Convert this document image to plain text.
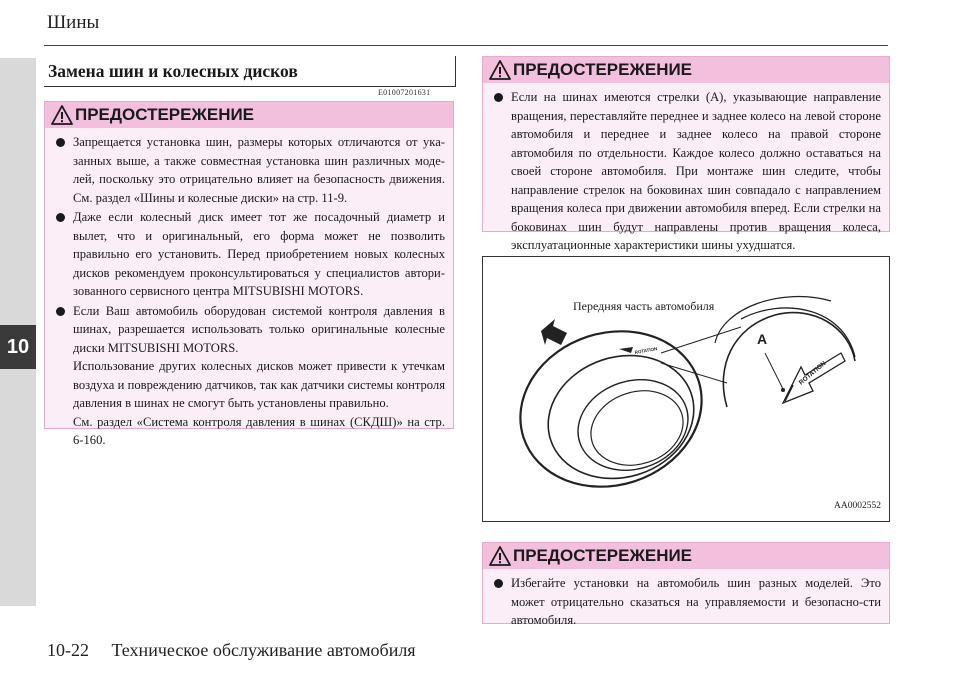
10
Шины
Замена шин и колесных дисков
E01007201631
ПРЕДОСТЕРЕЖЕНИЕ

Запрещается установка шин, размеры которых отличаются от ука-занных выше, а также совместная установка шин различных моде-лей, поскольку это отрицательно влияет на безопасность движения. См. раздел «Шины и колесные диски» на стр. 11-9.

Даже если колесный диск имеет тот же посадочный диаметр и вылет, что и оригинальный, его форма может не позволить правильно его установить. Перед приобретением новых колесных дисков рекомендуем проконсультироваться у специалистов автори-зованного сервисного центра MITSUBISHI MOTORS.

Если Ваш автомобиль оборудован системой контроля давления в шинах, разрешается использовать только оригинальные колесные диски MITSUBISHI MOTORS.

Использование других колесных дисков может привести к утечкам воздуха и повреждению датчиков, так как датчики системы контроля давления в шинах не смогут быть установлены правильно.

См. раздел «Система контроля давления в шинах (СКДШ)» на стр. 6-160.

ПРЕДОСТЕРЕЖЕНИЕ

Если на шинах имеются стрелки (A), указывающие направление вращения, переставляйте переднее и заднее колесо на левой стороне автомобиля и переднее и заднее колесо на правой стороне автомобиля по отдельности. Каждое колесо должно оставаться на своей стороне автомобиля. При монтаже шин следите, чтобы направление стрелок на боковинах шин совпадало с направлением вращения колеса при движении автомобиля вперед. Если стрелки на боковинах шин будут направлены против вращения колеса, эксплуатационные характеристики шины ухудшатся.

ROTATION
ROTATION
Передняя часть автомобиля
A
AA0002552
ПРЕДОСТЕРЕЖЕНИЕ

Избегайте установки на автомобиль шин разных моделей. Это может отрицательно сказаться на управляемости и безопасно-сти автомобиля.

10-22 Техническое обслуживание автомобиля
